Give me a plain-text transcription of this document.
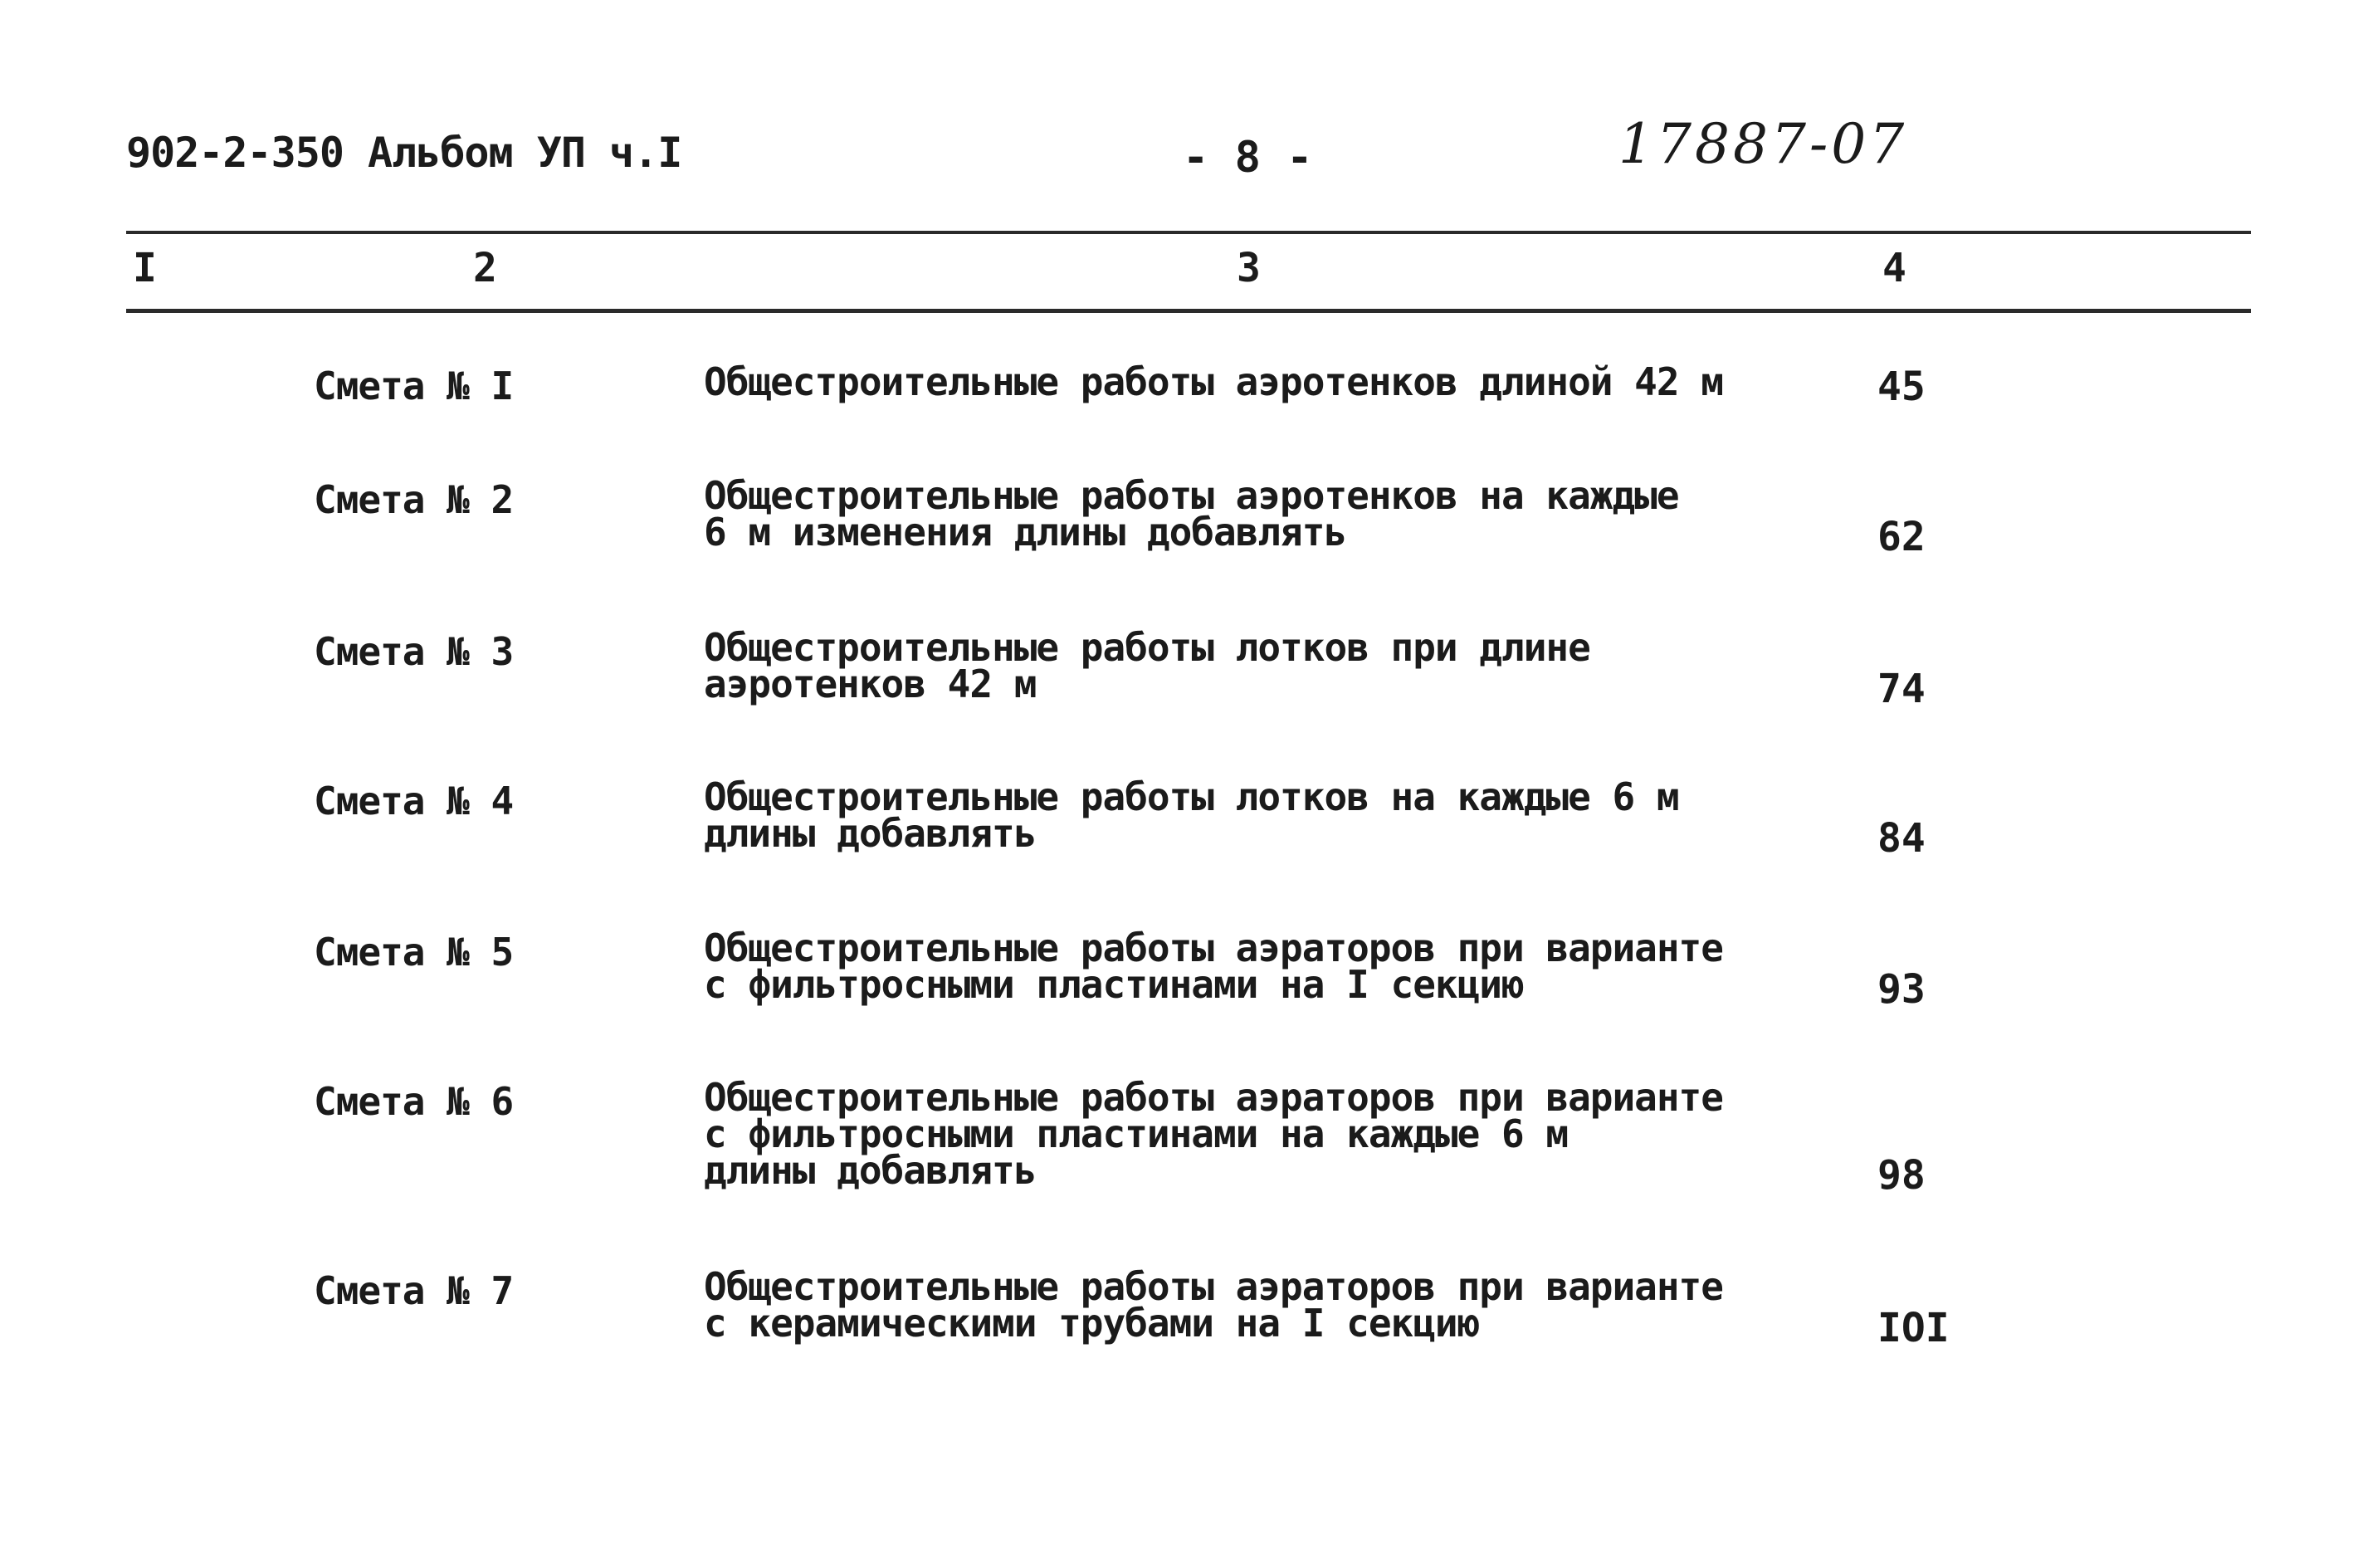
902-2-350 Альбом УП ч.I	- 8 -	17887-07
I	2	3	4
Смета № I	Общестроительные работы аэротенков длиной 42 м	45
Смета № 2	Общестроительные работы аэротенков на каждые
6 м изменения длины добавлять	62
Смета № 3	Общестроительные работы лотков при длине
аэротенков 42 м	74
Смета № 4	Общестроительные работы лотков на каждые 6 м
длины добавлять	84
Смета № 5	Общестроительные работы аэраторов при варианте
с фильтросными пластинами на I секцию	93
Смета № 6	Общестроительные работы аэраторов при варианте
с фильтросными пластинами на каждые 6 м
длины добавлять	98
Смета № 7	Общестроительные работы аэраторов при варианте
с керамическими трубами на I секцию	IOI
